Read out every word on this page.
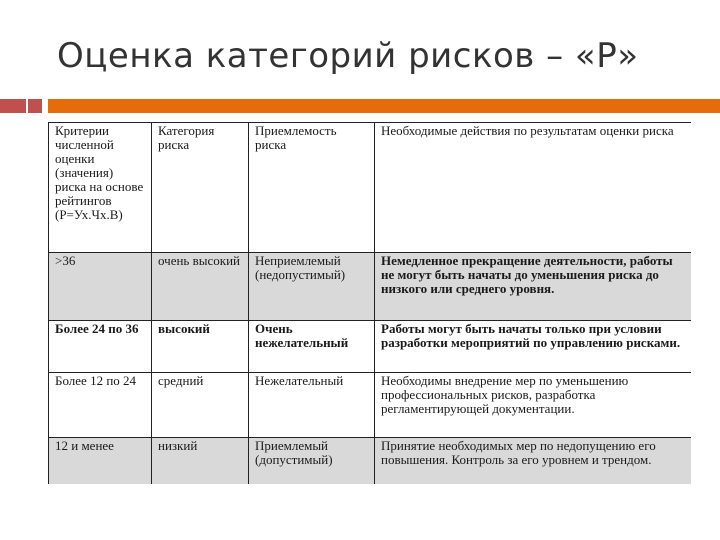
Оценка категорий рисков – «Р»
Критерии численной оценки (значения) риска на основе рейтингов (Р=Ух.Чх.В)	Категория риска	Приемлемость риска	Необходимые действия по результатам оценки риска
˃36	очень высокий	Неприемлемый (недопустимый)	Немедленное прекращение деятельности, работы не могут быть начаты до уменьшения риска до низкого или среднего уровня.
Более 24 по 36	высокий	Очень нежелательный	Работы могут быть начаты только при условии разработки мероприятий по управлению рисками.
Более 12 по 24	средний	Нежелательный	Необходимы внедрение мер по уменьшению профессиональных рисков, разработка регламентирующей документации.
12 и менее	низкий	Приемлемый (допустимый)	Принятие необходимых мер по недопущению его повышения. Контроль за его уровнем и трендом.
